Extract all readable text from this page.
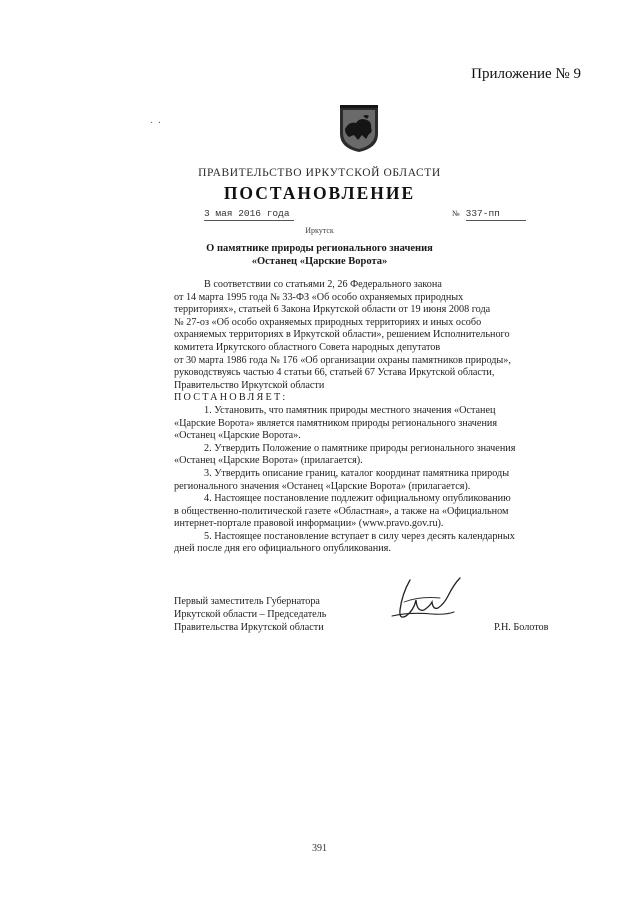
Приложение № 9
· ·
ПРАВИТЕЛЬСТВО ИРКУТСКОЙ ОБЛАСТИ
ПОСТАНОВЛЕНИЕ
3 мая 2016 года	№ 337-пп
Иркутск
О памятнике природы регионального значения
«Останец «Царские Ворота»
В соответствии со статьями 2, 26 Федерального закона
от 14 марта 1995 года № 33-ФЗ «Об особо охраняемых природных
территориях», статьей 6 Закона Иркутской области от 19 июня 2008 года
№ 27-оз «Об особо охраняемых природных территориях и иных особо
охраняемых территориях в Иркутской области», решением Исполнительного
комитета Иркутского областного Совета народных депутатов
от 30 марта 1986 года № 176 «Об организации охраны памятников природы»,
руководствуясь частью 4 статьи 66, статьей 67 Устава Иркутской области,
Правительство Иркутской области
ПОСТАНОВЛЯЕТ:
1. Установить, что памятник природы местного значения «Останец
«Царские Ворота» является памятником природы регионального значения
«Останец «Царские Ворота».
2. Утвердить Положение о памятнике природы регионального значения
«Останец «Царские Ворота» (прилагается).
3. Утвердить описание границ, каталог координат памятника природы
регионального значения «Останец «Царские Ворота» (прилагается).
4. Настоящее постановление подлежит официальному опубликованию
в общественно-политической газете «Областная», а также на «Официальном
интернет-портале правовой информации» (www.pravo.gov.ru).
5. Настоящее постановление вступает в силу через десять календарных
дней после дня его официального опубликования.
Первый заместитель Губернатора
Иркутской области – Председатель
Правительства Иркутской области	Р.Н. Болотов
391
